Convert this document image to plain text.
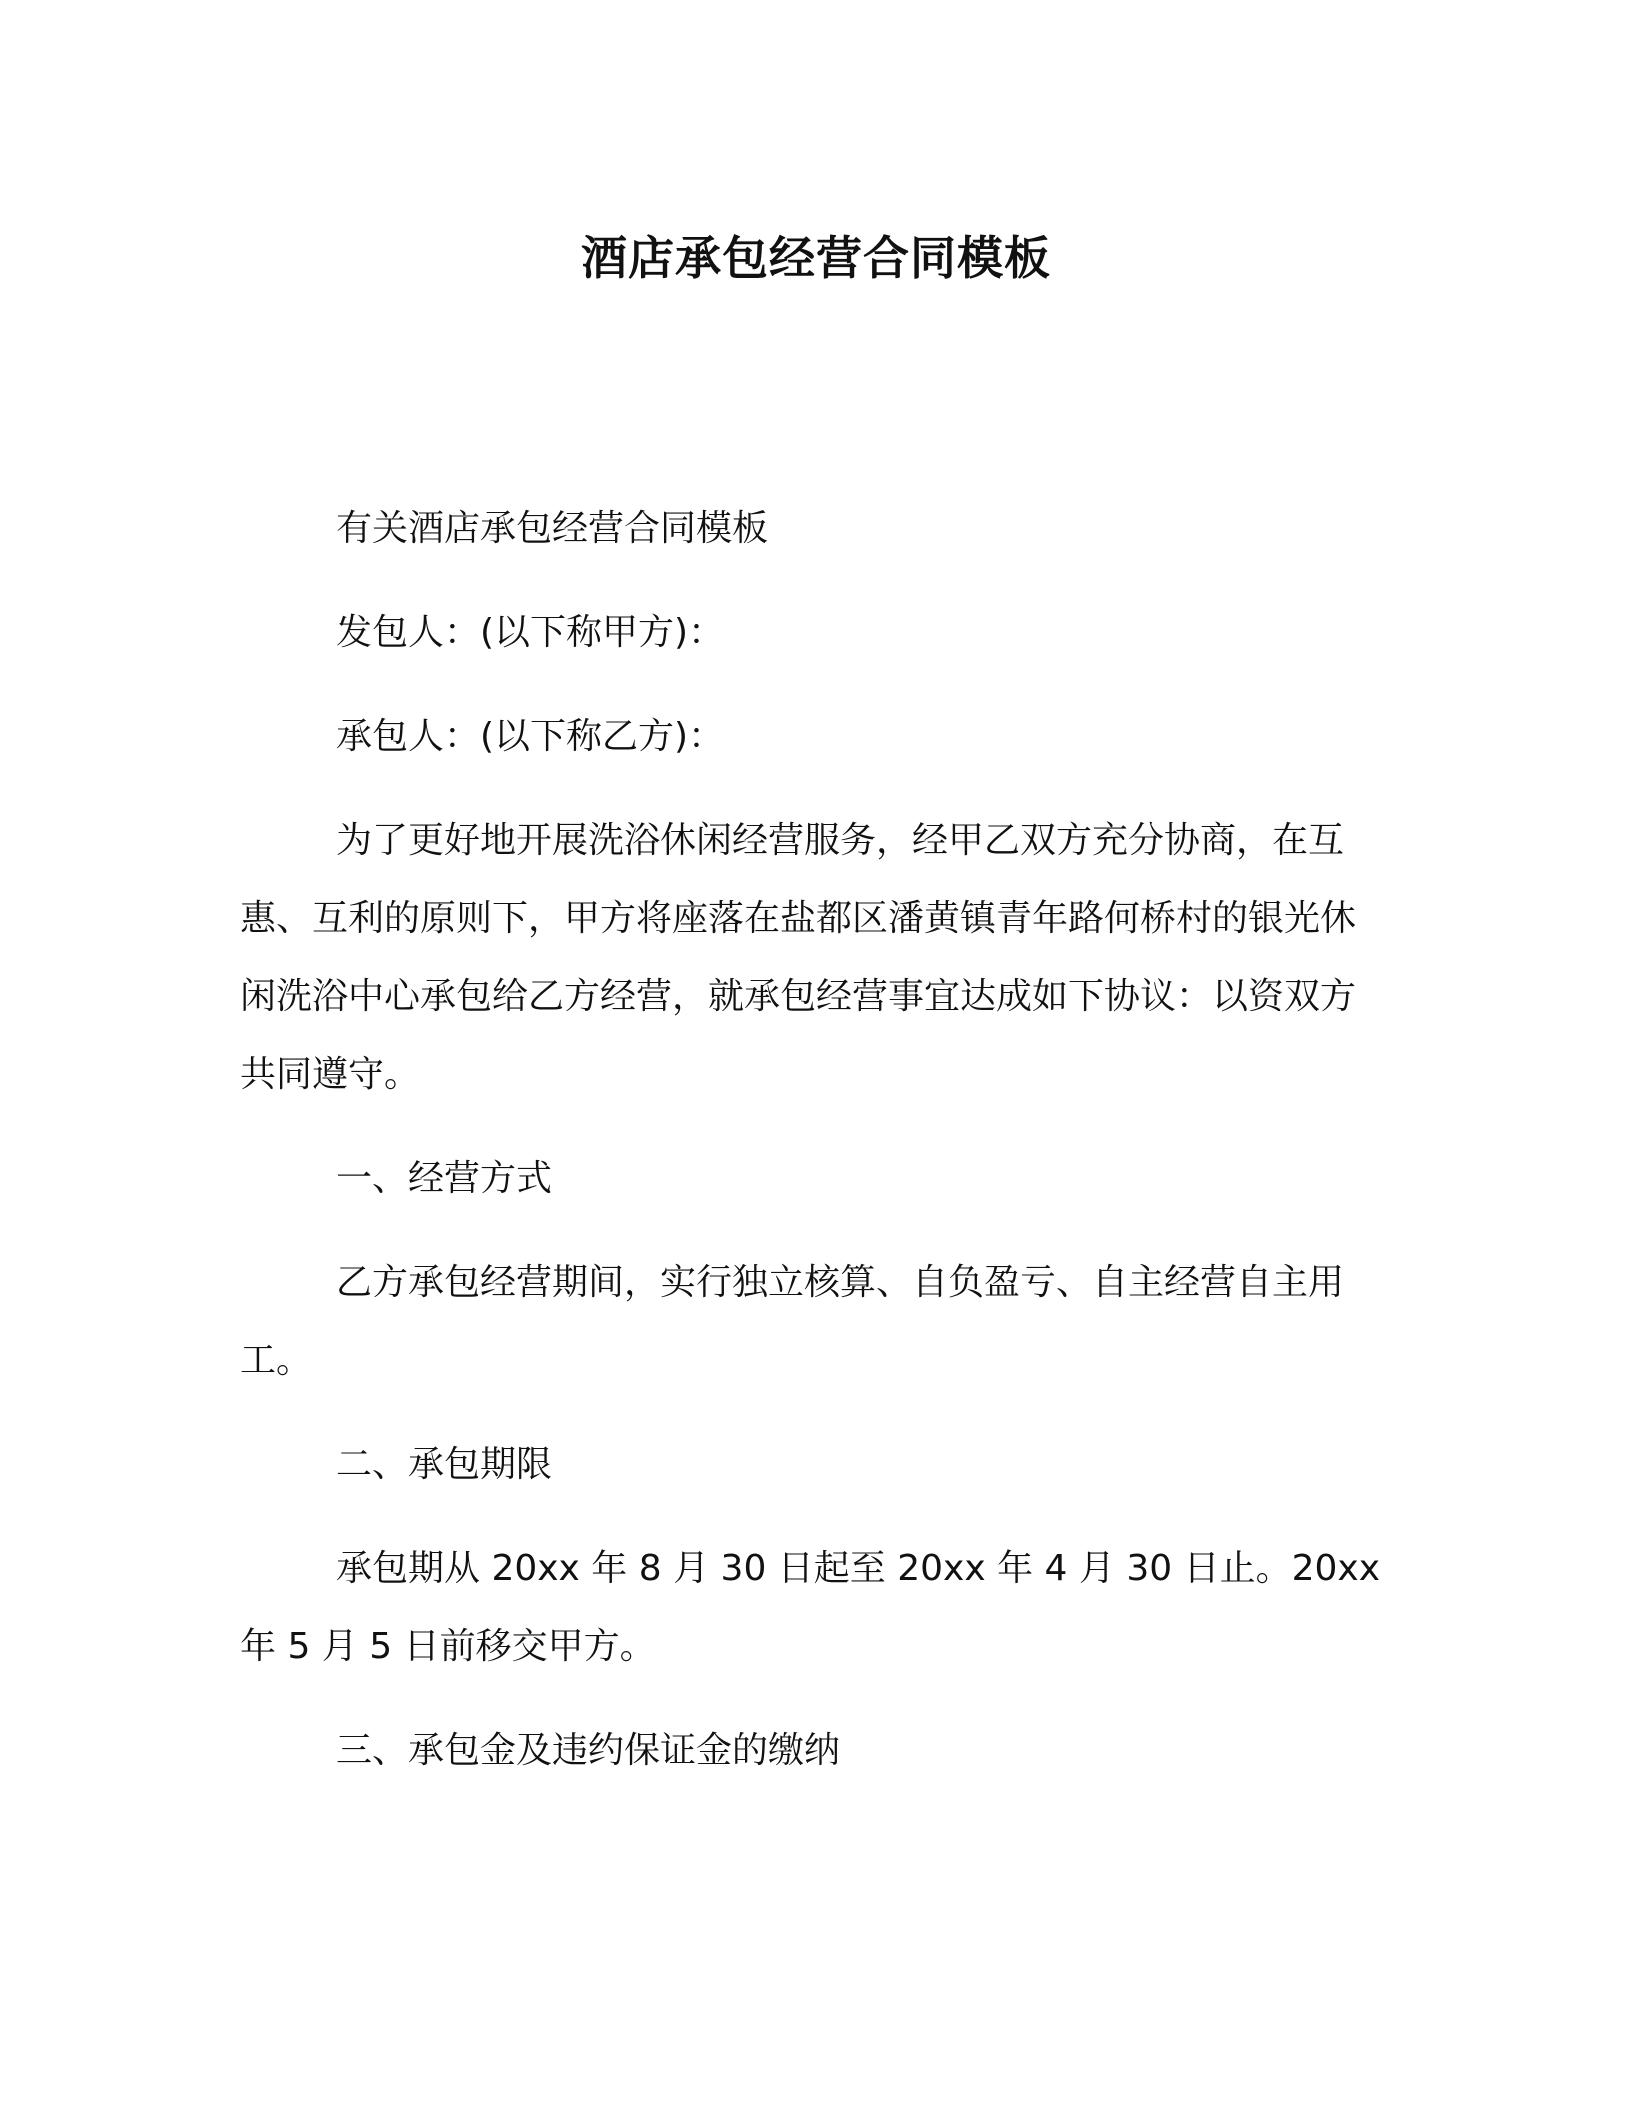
酒店承包经营合同模板

有关酒店承包经营合同模板

发包人：(以下称甲方)：

承包人：(以下称乙方)：

为了更好地开展洗浴休闲经营服务，经甲乙双方充分协商，在互惠、互利的原则下，甲方将座落在盐都区潘黄镇青年路何桥村的银光休闲洗浴中心承包给乙方经营，就承包经营事宜达成如下协议：以资双方共同遵守。

一、经营方式

乙方承包经营期间，实行独立核算、自负盈亏、自主经营自主用工。

二、承包期限

承包期从 20xx 年 8 月 30 日起至 20xx 年 4 月 30 日止。20xx 年 5 月 5 日前移交甲方。

三、承包金及违约保证金的缴纳
